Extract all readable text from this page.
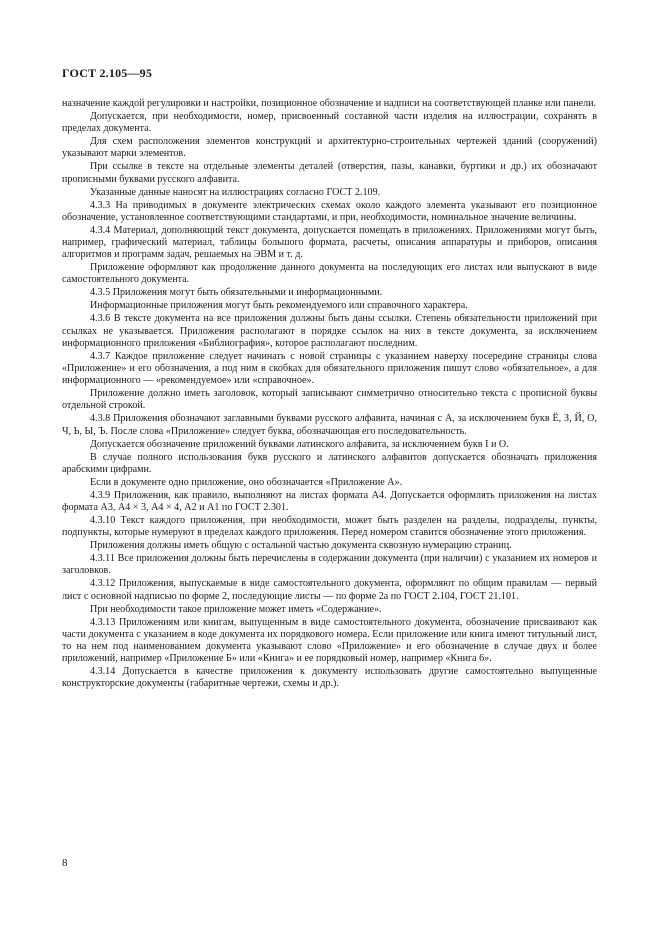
ГОСТ 2.105—95

назначение каждой регулировки и настройки, позиционное обозначение и надписи на соответствующей планке или панели.

Допускается, при необходимости, номер, присвоенный составной части изделия на иллюстрации, сохранять в пределах документа.

Для схем расположения элементов конструкций и архитектурно-строительных чертежей зданий (сооружений) указывают марки элементов.

При ссылке в тексте на отдельные элементы деталей (отверстия, пазы, канавки, буртики и др.) их обозначают прописными буквами русского алфавита.

Указанные данные наносят на иллюстрациях согласно ГОСТ 2.109.

4.3.3 На приводимых в документе электрических схемах около каждого элемента указывают его позиционное обозначение, установленное соответствующими стандартами, и при, необходимости, номинальное значение величины.

4.3.4 Материал, дополняющий текст документа, допускается помещать в приложениях. Приложениями могут быть, например, графический материал, таблицы большого формата, расчеты, описания аппаратуры и приборов, описания алгоритмов и программ задач, решаемых на ЭВМ и т. д.

Приложение оформляют как продолжение данного документа на последующих его листах или выпускают в виде самостоятельного документа.

4.3.5 Приложения могут быть обязательными и информационными.

Информационные приложения могут быть рекомендуемого или справочного характера.

4.3.6 В тексте документа на все приложения должны быть даны ссылки. Степень обязательности приложений при ссылках не указывается. Приложения располагают в порядке ссылок на них в тексте документа, за исключением информационного приложения «Библиография», которое располагают последним.

4.3.7 Каждое приложение следует начинать с новой страницы с указанием наверху посередине страницы слова «Приложение» и его обозначения, а под ним в скобках для обязательного приложения пишут слово «обязательное», а для информационного — «рекомендуемое» или «справочное».

Приложение должно иметь заголовок, который записывают симметрично относительно текста с прописной буквы отдельной строкой.

4.3.8 Приложения обозначают заглавными буквами русского алфавита, начиная с А, за исключением букв Ё, З, Й, О, Ч, Ь, Ы, Ъ. После слова «Приложение» следует буква, обозначающая его последовательность.

Допускается обозначение приложений буквами латинского алфавита, за исключением букв I и O.

В случае полного использования букв русского и латинского алфавитов допускается обозначать приложения арабскими цифрами.

Если в документе одно приложение, оно обозначается «Приложение А».

4.3.9 Приложения, как правило, выполняют на листах формата А4. Допускается оформлять приложения на листах формата А3, А4 × 3, А4 × 4, А2 и А1 по ГОСТ 2.301.

4.3.10 Текст каждого приложения, при необходимости, может быть разделен на разделы, подразделы, пункты, подпункты, которые нумеруют в пределах каждого приложения. Перед номером ставится обозначение этого приложения.

Приложения должны иметь общую с остальной частью документа сквозную нумерацию страниц.

4.3.11 Все приложения должны быть перечислены в содержании документа (при наличии) с указанием их номеров и заголовков.

4.3.12 Приложения, выпускаемые в виде самостоятельного документа, оформляют по общим правилам — первый лист с основной надписью по форме 2, последующие листы — по форме 2а по ГОСТ 2.104, ГОСТ 21.101.

При необходимости такое приложение может иметь «Содержание».

4.3.13 Приложениям или книгам, выпущенным в виде самостоятельного документа, обозначение присваивают как части документа с указанием в коде документа их порядкового номера. Если приложение или книга имеют титульный лист, то на нем под наименованием документа указывают слово «Приложение» и его обозначение в случае двух и более приложений, например «Приложение Б» или «Книга» и ее порядковый номер, например «Книга 6».

4.3.14 Допускается в качестве приложения к документу использовать другие самостоятельно выпущенные конструкторские документы (габаритные чертежи, схемы и др.).

8
